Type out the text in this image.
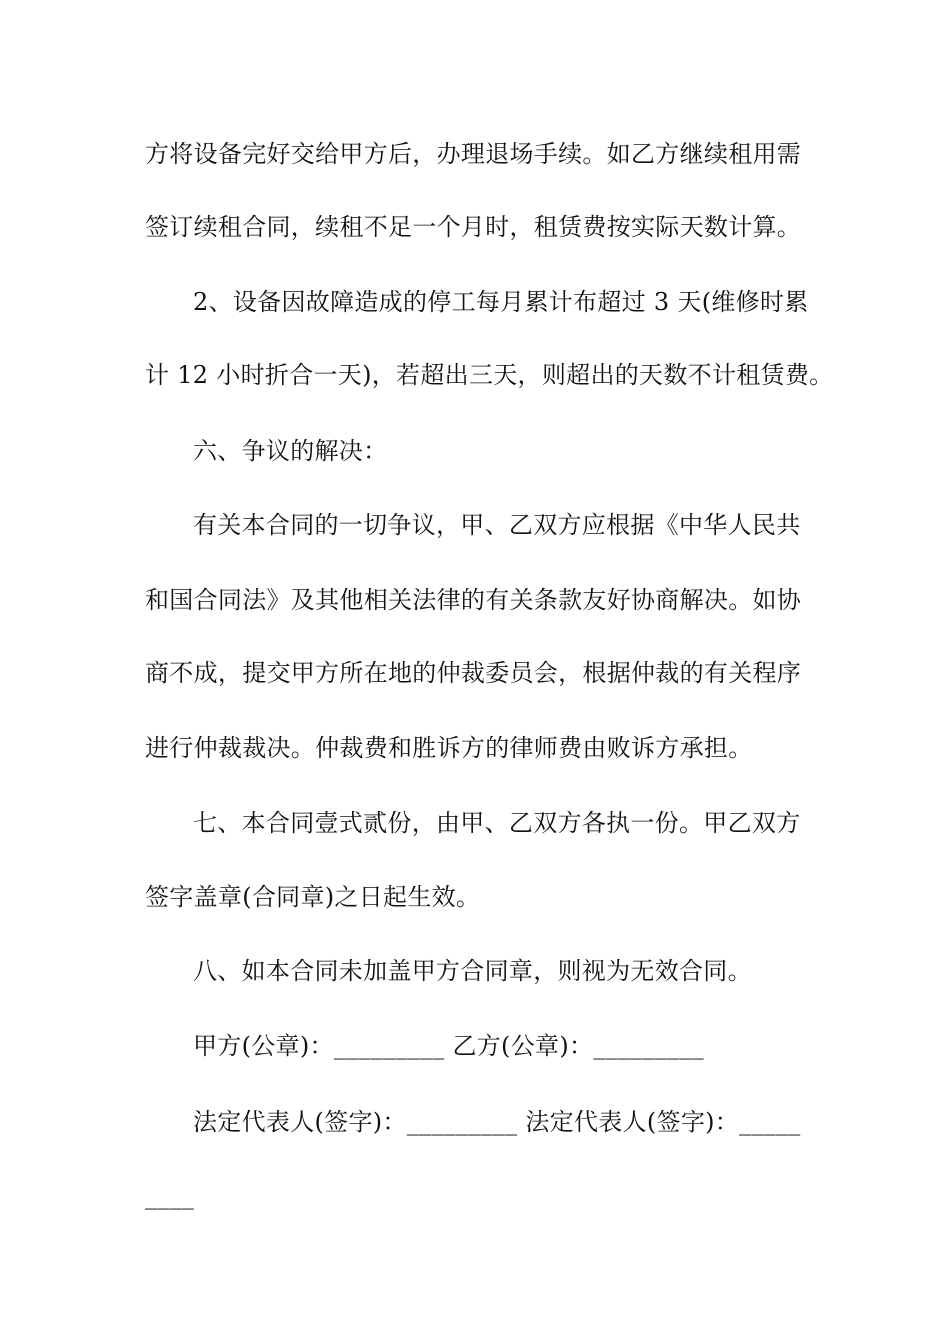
方将设备完好交给甲方后，办理退场手续。如乙方继续租用需
签订续租合同，续租不足一个月时，租赁费按实际天数计算。
2、设备因故障造成的停工每月累计布超过 3 天(维修时累
计 12 小时折合一天)，若超出三天，则超出的天数不计租赁费。
六、争议的解决：
有关本合同的一切争议，甲、乙双方应根据《中华人民共
和国合同法》及其他相关法律的有关条款友好协商解决。如协
商不成，提交甲方所在地的仲裁委员会，根据仲裁的有关程序
进行仲裁裁决。仲裁费和胜诉方的律师费由败诉方承担。
七、本合同壹式贰份，由甲、乙双方各执一份。甲乙双方
签字盖章(合同章)之日起生效。
八、如本合同未加盖甲方合同章，则视为无效合同。
甲方(公章)：_________ 乙方(公章)：_________
法定代表人(签字)：_________ 法定代表人(签字)：_____
____
